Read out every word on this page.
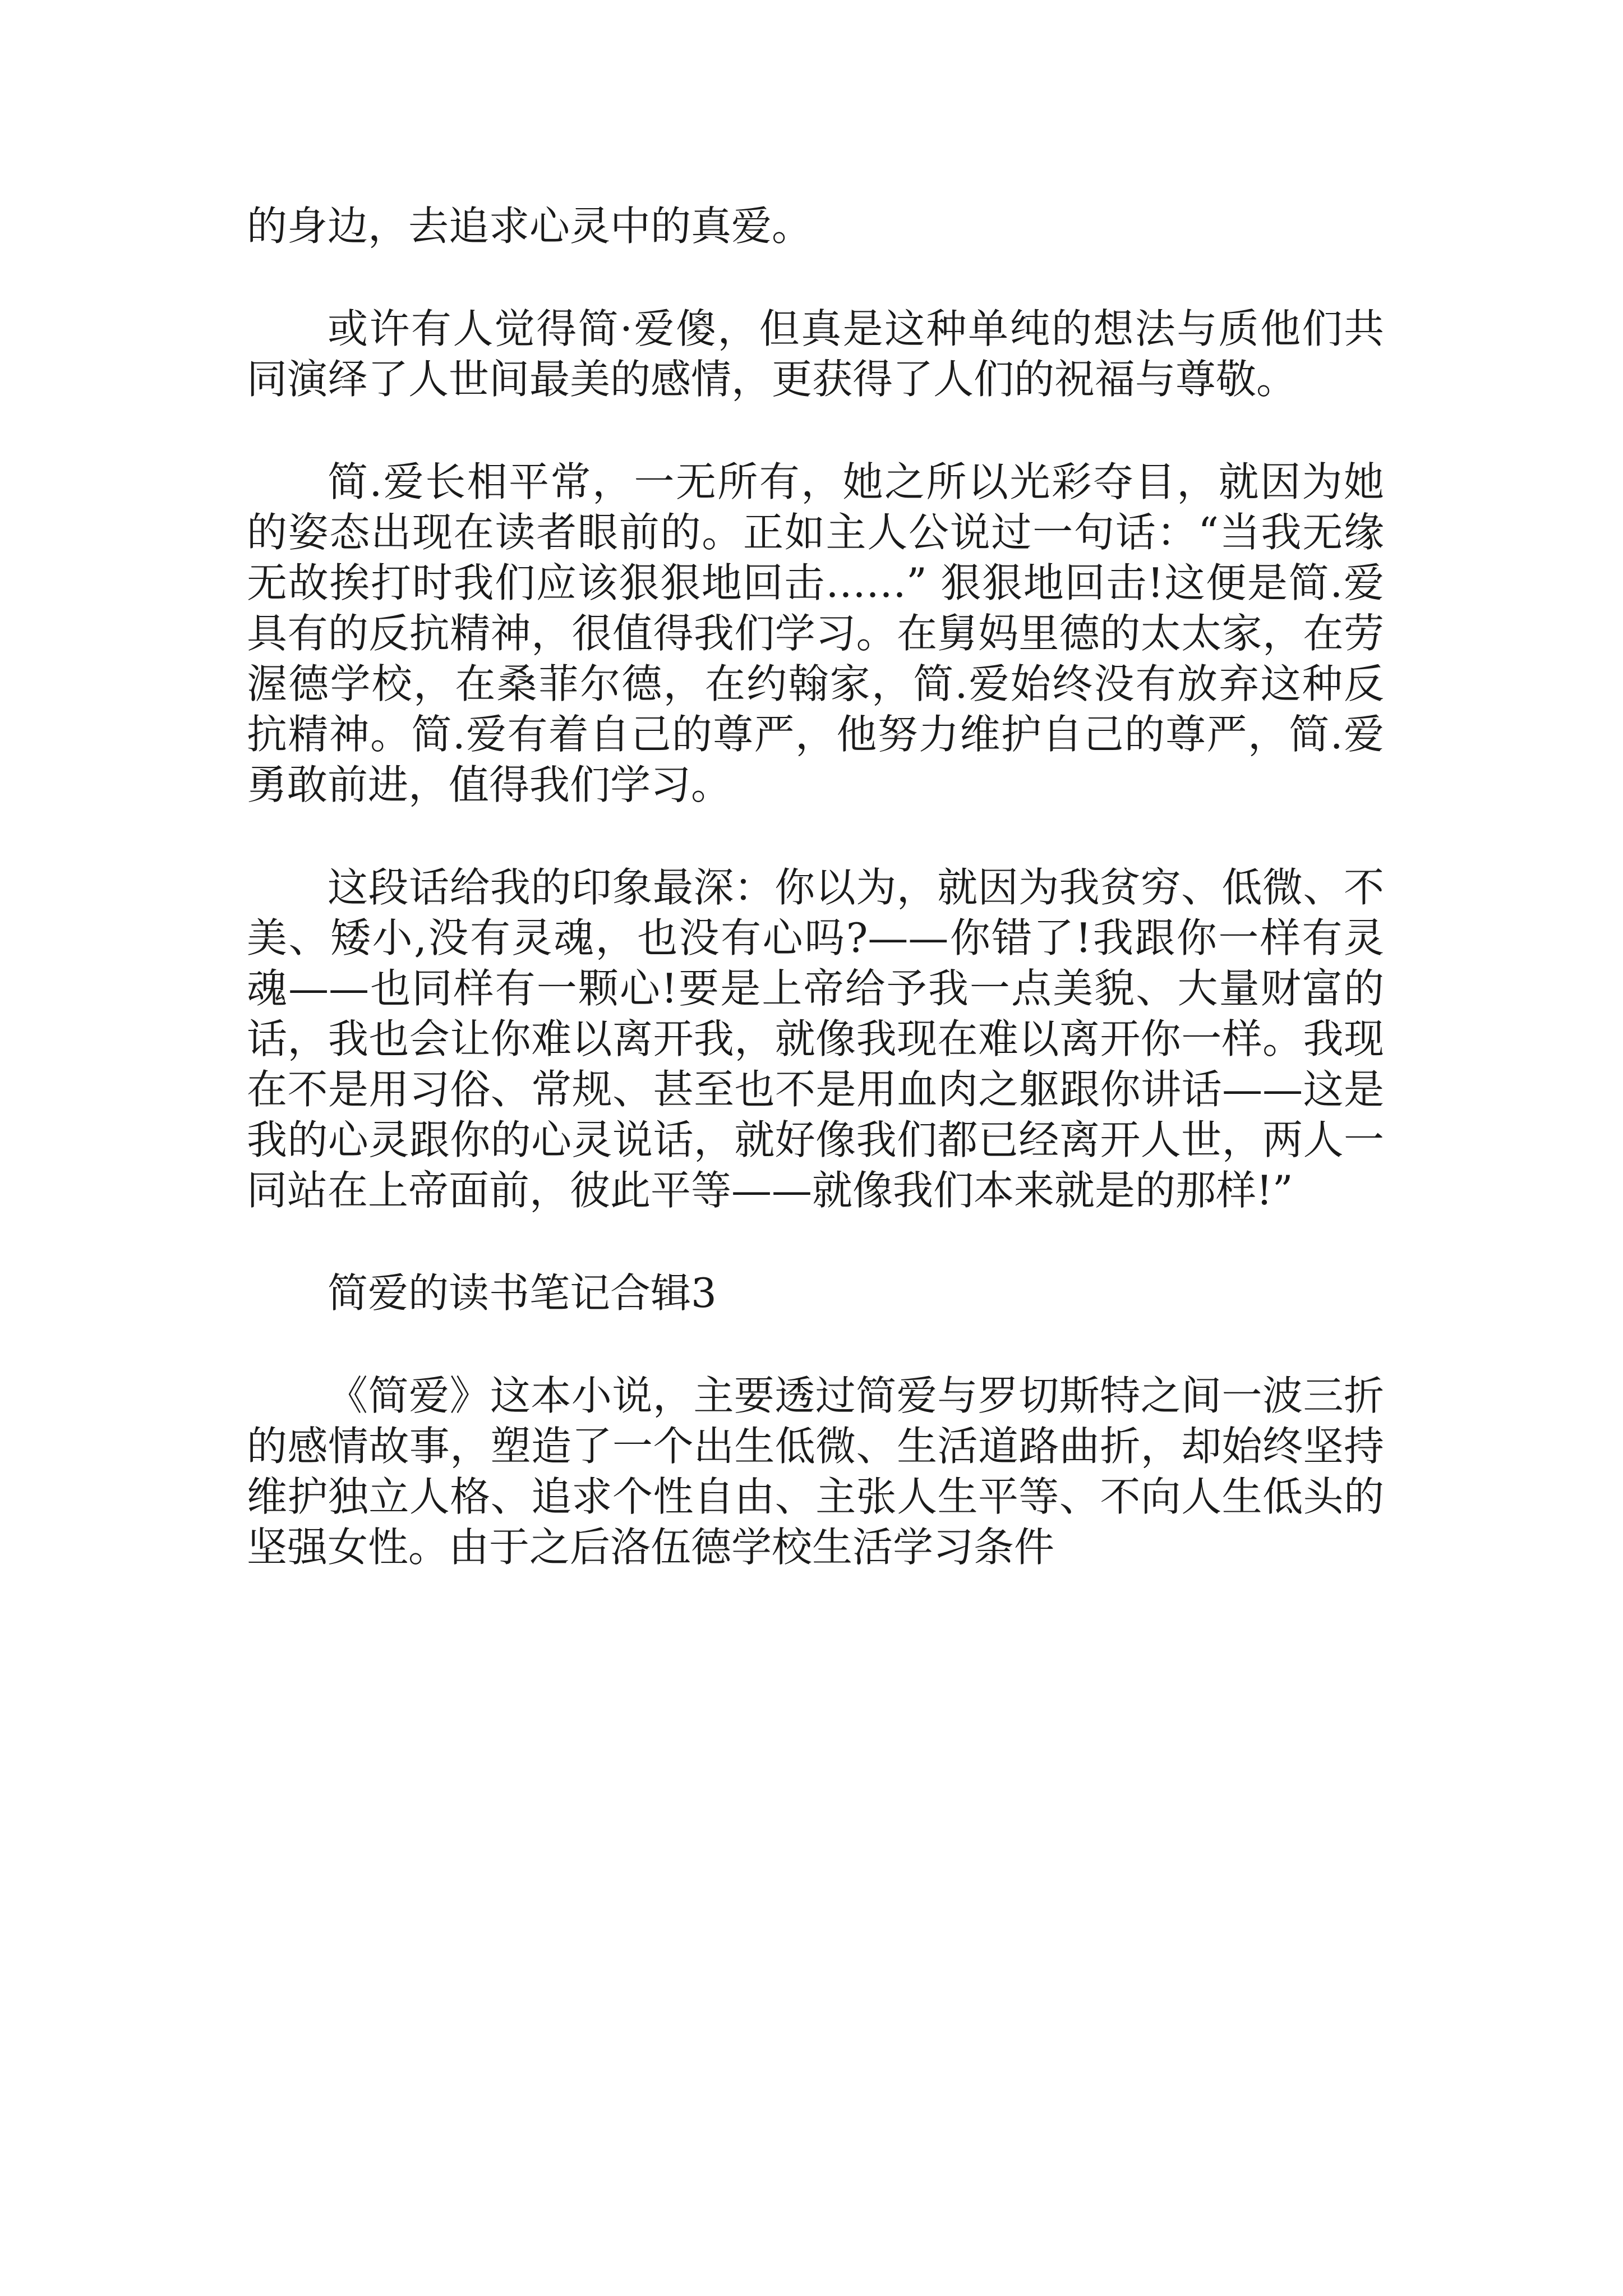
的身边，去追求心灵中的真爱。

或许有人觉得简·爱傻，但真是这种单纯的想法与质他们共同演绎了人世间最美的感情，更获得了人们的祝福与尊敬。

简.爱长相平常，一无所有，她之所以光彩夺目，就因为她的姿态出现在读者眼前的。正如主人公说过一句话：“当我无缘无故挨打时我们应该狠狠地回击……” 狠狠地回击!这便是简.爱具有的反抗精神，很值得我们学习。在舅妈里德的太太家，在劳渥德学校，在桑菲尔德，在约翰家，简.爱始终没有放弃这种反抗精神。简.爱有着自己的尊严，他努力维护自己的尊严，简.爱勇敢前进，值得我们学习。

这段话给我的印象最深：你以为，就因为我贫穷、低微、不美、矮小,没有灵魂，也没有心吗?——你错了!我跟你一样有灵魂——也同样有一颗心!要是上帝给予我一点美貌、大量财富的话，我也会让你难以离开我，就像我现在难以离开你一样。我现在不是用习俗、常规、甚至也不是用血肉之躯跟你讲话——这是我的心灵跟你的心灵说话，就好像我们都已经离开人世，两人一同站在上帝面前，彼此平等——就像我们本来就是的那样!”

简爱的读书笔记合辑3

《简爱》这本小说，主要透过简爱与罗切斯特之间一波三折的感情故事，塑造了一个出生低微、生活道路曲折，却始终坚持维护独立人格、追求个性自由、主张人生平等、不向人生低头的坚强女性。由于之后洛伍德学校生活学习条件
